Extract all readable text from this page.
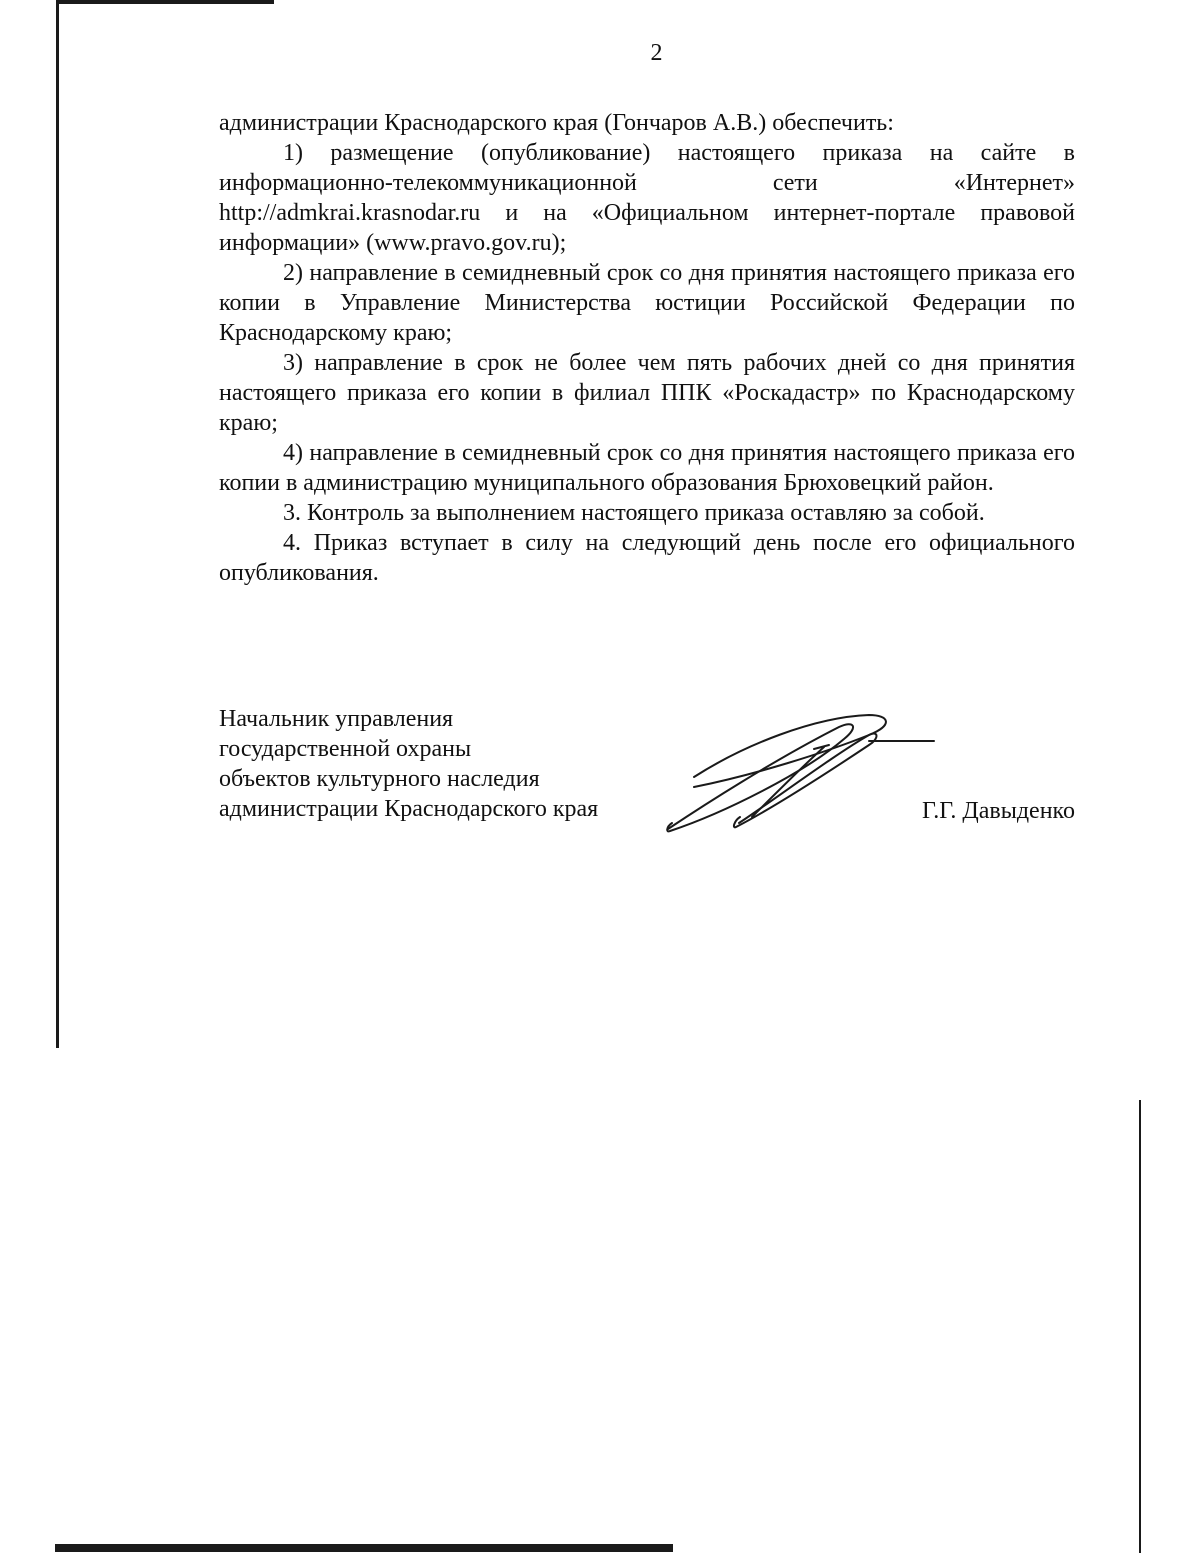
2

администрации Краснодарского края (Гончаров А.В.) обеспечить:

1) размещение (опубликование) настоящего приказа на сайте в информационно-телекоммуникационной сети «Интернет» http://admkrai.krasnodar.ru и на «Официальном интернет-портале правовой информации» (www.pravo.gov.ru);

2) направление в семидневный срок со дня принятия настоящего приказа его копии в Управление Министерства юстиции Российской Федерации по Краснодарскому краю;

3) направление в срок не более чем пять рабочих дней со дня принятия настоящего приказа его копии в филиал ППК «Роскадастр» по Краснодарскому краю;

4) направление в семидневный срок со дня принятия настоящего приказа его копии в администрацию муниципального образования Брюховецкий район.

3. Контроль за выполнением настоящего приказа оставляю за собой.

4. Приказ вступает в силу на следующий день после его официального опубликования.

Начальник управления
государственной охраны
объектов культурного наследия
администрации Краснодарского края	Г.Г. Давыденко
